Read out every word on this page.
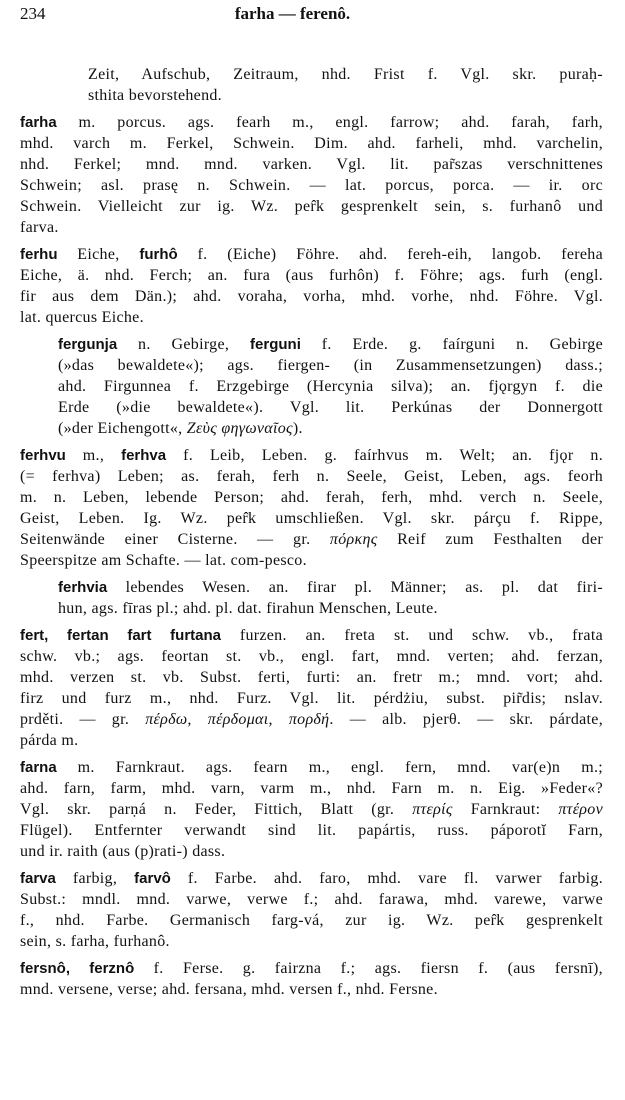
234	farha — ferenô.
Zeit, Aufschub, Zeitraum, nhd. Frist f. Vgl. skr. puraḥ-
sthita bevorstehend.
farha m. porcus. ags. fearh m., engl. farrow; ahd. farah, farh,
mhd. varch m. Ferkel, Schwein. Dim. ahd. farheli, mhd. varchelin,
nhd. Ferkel; mnd. mnd. varken. Vgl. lit. par̃szas verschnittenes
Schwein; asl. prasę n. Schwein. — lat. porcus, porca. — ir. orc
Schwein. Vielleicht zur ig. Wz. per̂k gesprenkelt sein, s. furhanô und
farva.
ferhu Eiche, furhô f. (Eiche) Föhre. ahd. fereh-eih, langob. fereha
Eiche, ä. nhd. Ferch; an. fura (aus furhôn) f. Föhre; ags. furh (engl.
fir aus dem Dän.); ahd. voraha, vorha, mhd. vorhe, nhd. Föhre. Vgl.
lat. quercus Eiche.
fergunja n. Gebirge, ferguni f. Erde. g. faírguni n. Gebirge
(»das bewaldete«); ags. fiergen- (in Zusammensetzungen) dass.;
ahd. Firgunnea f. Erzgebirge (Hercynia silva); an. fjǫrgyn f. die
Erde (»die bewaldete«). Vgl. lit. Perkúnas der Donnergott
(»der Eichengott«, Ζεὺς φηγωναῖος).
ferhvu m., ferhva f. Leib, Leben. g. faírhvus m. Welt; an. fjǫr n.
(= ferhva) Leben; as. ferah, ferh n. Seele, Geist, Leben, ags. feorh
m. n. Leben, lebende Person; ahd. ferah, ferh, mhd. verch n. Seele,
Geist, Leben. Ig. Wz. per̂k umschließen. Vgl. skr. párçu f. Rippe,
Seitenwände einer Cisterne. — gr. πόρκης Reif zum Festhalten der
Speerspitze am Schafte. — lat. com-pesco.
ferhvia lebendes Wesen. an. firar pl. Männer; as. pl. dat firi-
hun, ags. fīras pl.; ahd. pl. dat. firahun Menschen, Leute.
fert, fertan fart furtana furzen. an. freta st. und schw. vb., frata
schw. vb.; ags. feortan st. vb., engl. fart, mnd. verten; ahd. ferzan,
mhd. verzen st. vb. Subst. ferti, furti: an. fretr m.; mnd. vort; ahd.
firz und furz m., nhd. Furz. Vgl. lit. pérdżiu, subst. pir̃dis; nslav.
prděti. — gr. πέρδω, πέρδομαι, πορδή. — alb. pjerθ. — skr. párdate,
párda m.
farna m. Farnkraut. ags. fearn m., engl. fern, mnd. var(e)n m.;
ahd. farn, farm, mhd. varn, varm m., nhd. Farn m. n. Eig. »Feder«?
Vgl. skr. parṇá n. Feder, Fittich, Blatt (gr. πτερίς Farnkraut: πτέρον
Flügel). Entfernter verwandt sind lit. papártis, russ. páporotĭ Farn,
und ir. raith (aus (p)rati-) dass.
farva farbig, farvô f. Farbe. ahd. faro, mhd. vare fl. varwer farbig.
Subst.: mndl. mnd. varwe, verwe f.; ahd. farawa, mhd. varewe, varwe
f., nhd. Farbe. Germanisch farg-vá, zur ig. Wz. per̂k gesprenkelt
sein, s. farha, furhanô.
fersnô, ferznô f. Ferse. g. fairzna f.; ags. fiersn f. (aus fersnī),
mnd. versene, verse; ahd. fersana, mhd. versen f., nhd. Fersne.
